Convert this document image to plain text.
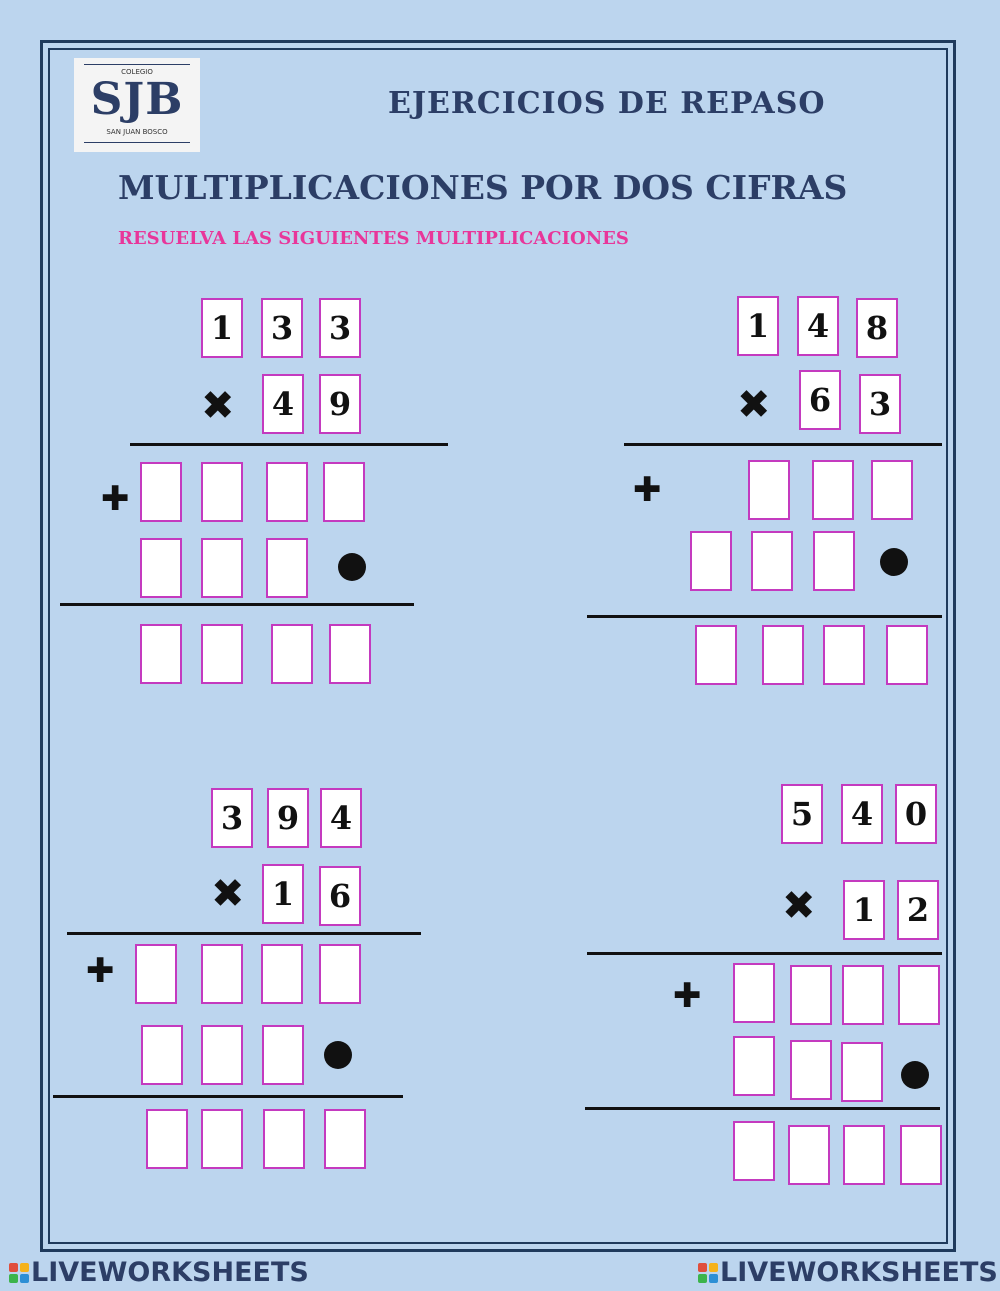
COLEGIO
SJB
SAN JUAN BOSCO
EJERCICIOS DE REPASO
MULTIPLICACIONES POR DOS CIFRAS
RESUELVA LAS SIGUIENTES MULTIPLICACIONES
1	3	3
✖	4	9
✚
1	4	8
✖	6	3
✚
3	9 4
✖ 1	6
✚
5	4 0
✖	1 2
✚
LIVEWORKSHEETS	LIVEWORKSHEETS
